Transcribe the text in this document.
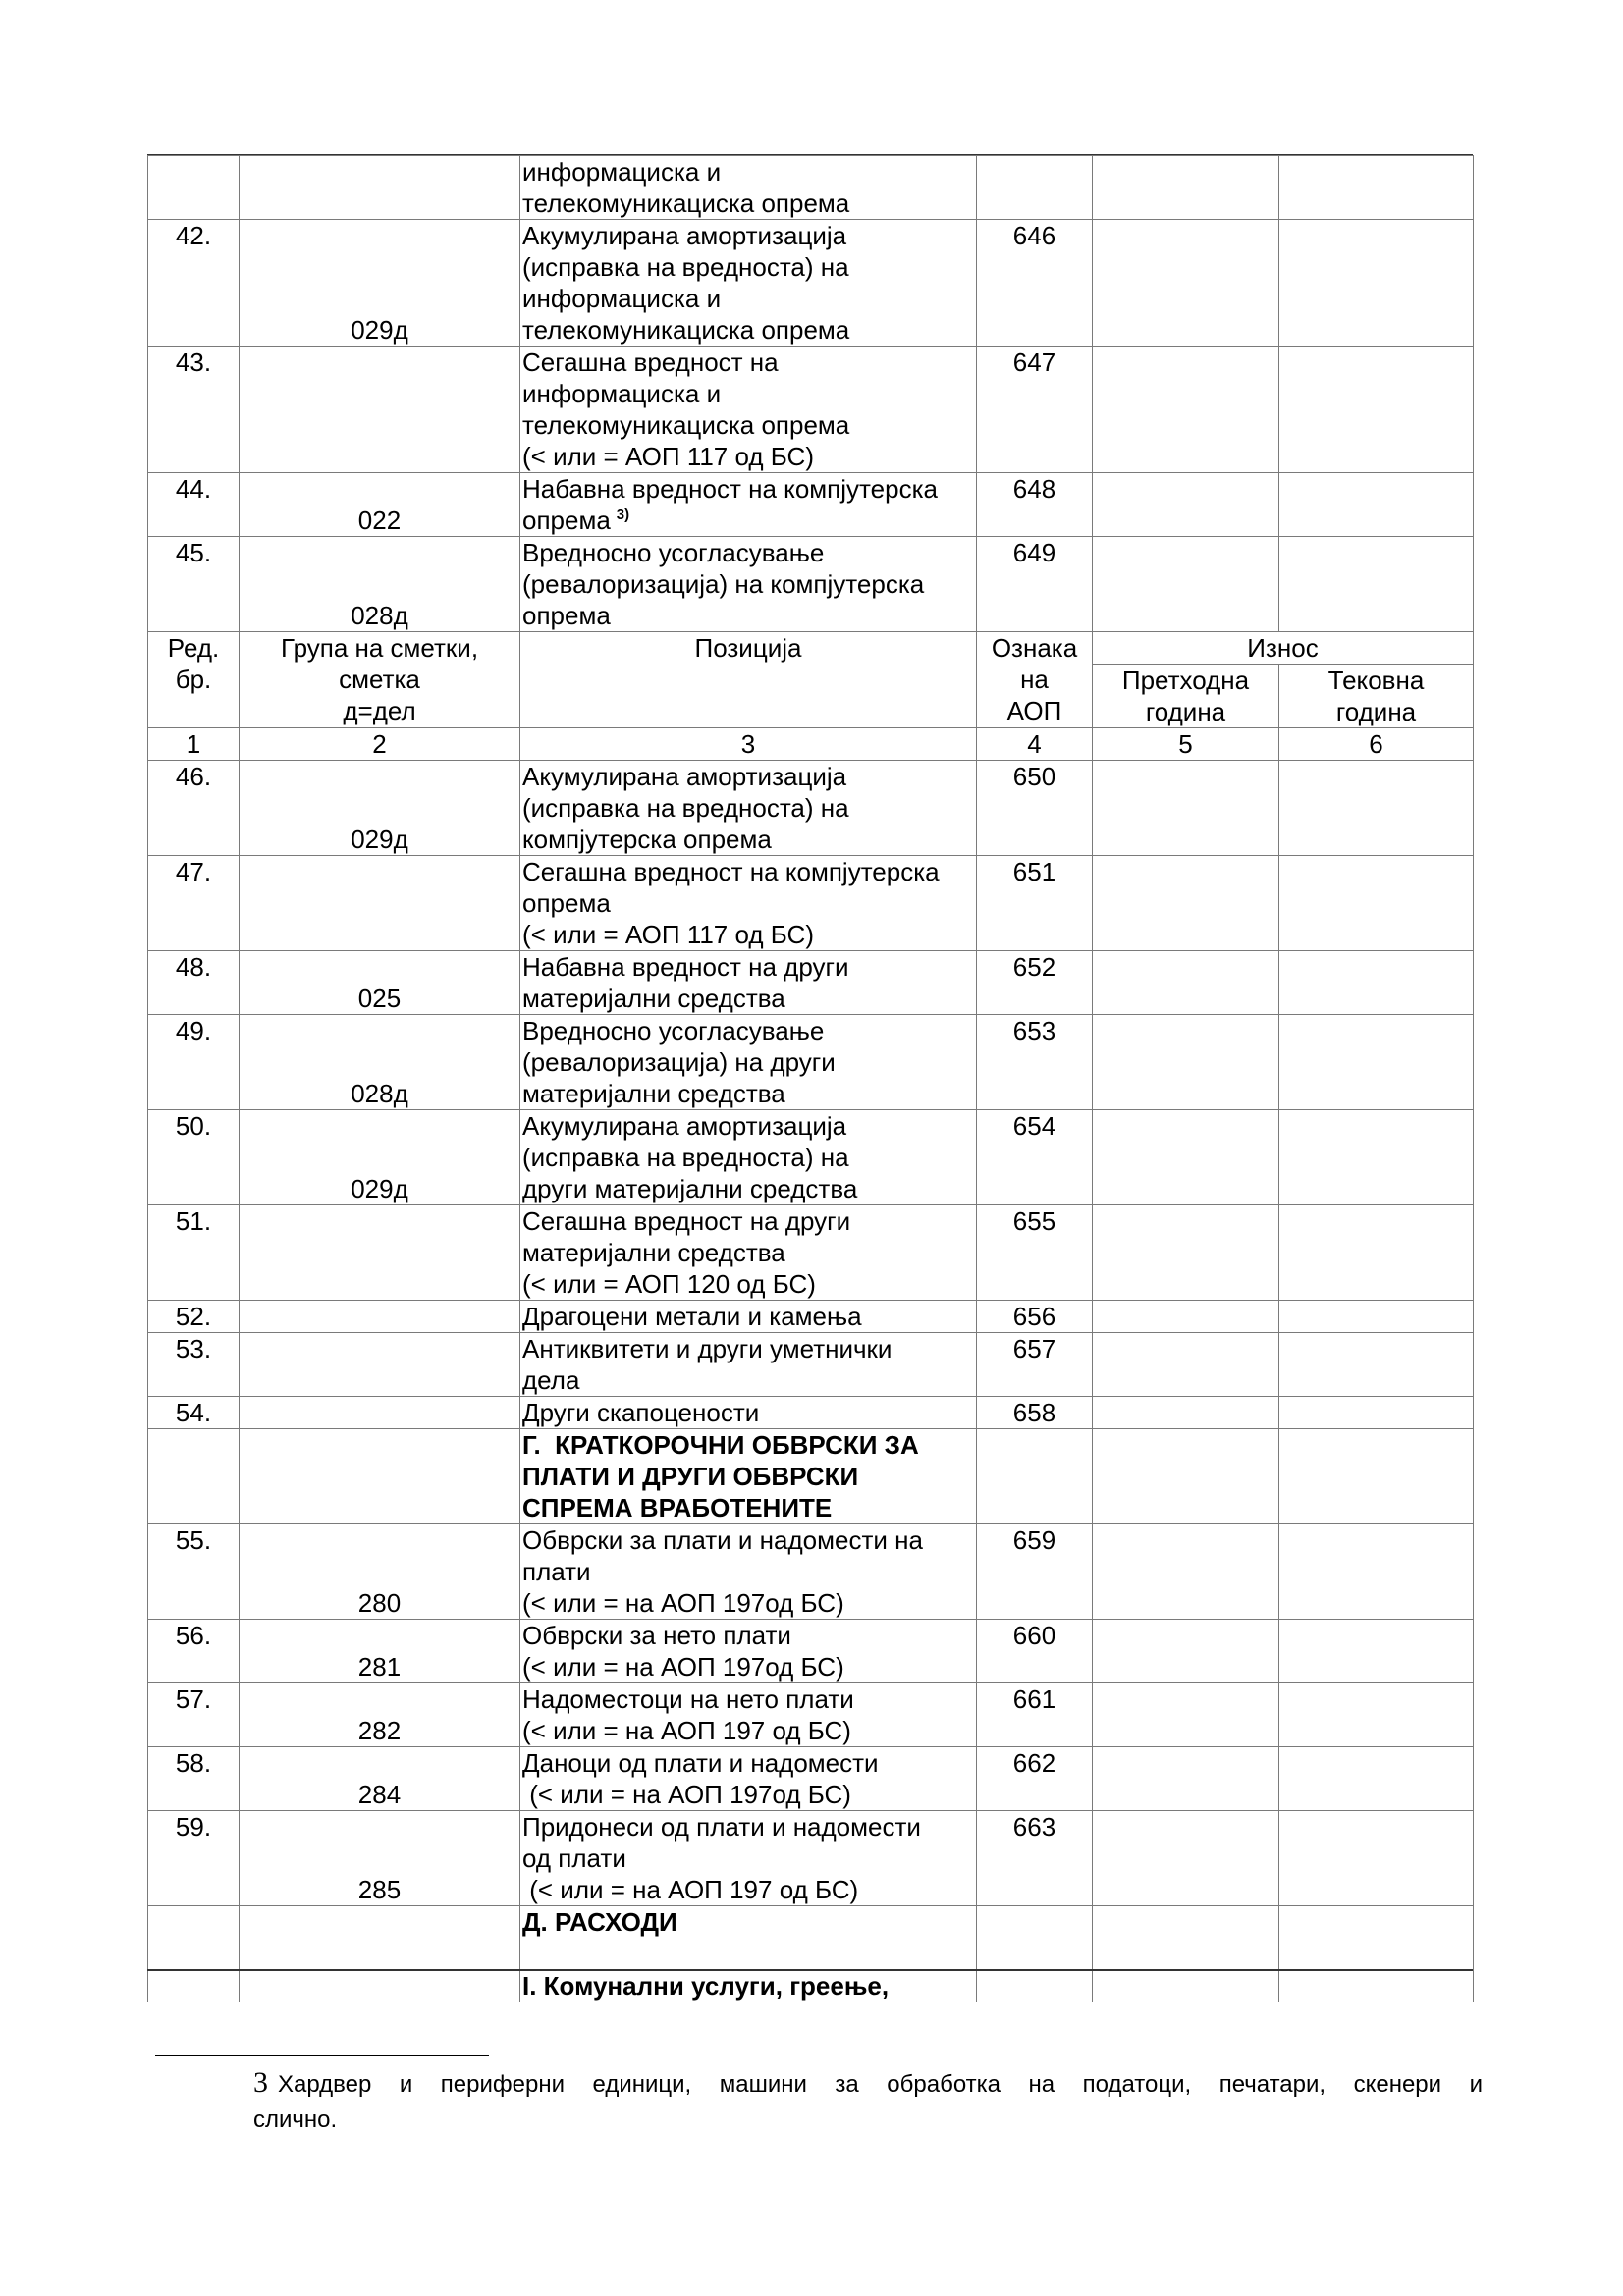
		информациска и
телекомуникациска опрема			

42.	029д	Акумулирана амортизација
(исправка на вредноста) на
информациска и
телекомуникациска опрема	646		
43.		Сегашна вредност на
информациска и
телекомуникациска опрема
(< или = АОП 117 од БС)	647		
44.	022	Набавна вредност на компјутерска
опрема $^{3)}$	648		
45.	028д	Вредносно усогласување
(ревалоризација) на компјутерска
опрема	649		

Ред.
бр.	Група на сметки,
сметка
д=дел	Позиција	Ознака
на
АОП	Износ	

				Претходна
година	Тековна
година

1	2	3	4	5	6
46.	029д	Акумулирана амортизација
(исправка на вредноста) на
компјутерска опрема	650		
47.		Сегашна вредност на компјутерска
опрема
(< или = АОП 117 од БС)	651		
48.	025	Набавна вредност на други
материјални средства	652		
49.	028д	Вредносно усогласување
(ревалоризација) на други
материјални средства	653		
50.	029д	Акумулирана амортизација
(исправка на вредноста) на
други материјални средства	654		
51.		Сегашна вредност на други
материјални средства
(< или = АОП 120 од БС)	655		
52.		Драгоцени метали и камења	656		
53.		Антиквитети и други уметнички
дела	657		
54.		Други скапоцености	658		

		Г.  КРАТКОРОЧНИ ОБВРСКИ ЗА
ПЛАТИ И ДРУГИ ОБВРСКИ
СПРЕМА ВРАБОТЕНИТЕ			

55.	280	Обврски за плати и надомести на
плати
(< или = на АОП 197од БС)	659		
56.	281	Обврски за нето плати
(< или = на АОП 197од БС)	660		
57.	282	Надоместоци на нето плати
(< или = на АОП 197 од БС)	661		
58.	284	Даноци од плати и надомести
(< или = на АОП 197од БС)	662		
59.	285	Придонеси од плати и надомести
од плати
(< или = на АОП 197 од БС)	663		

		Д. РАСХОДИ			

		I. Комунални услуги, греење,			

3 Хардвер и периферни единици, машини за обработка на податоци, печатари, скенери и
слично.
